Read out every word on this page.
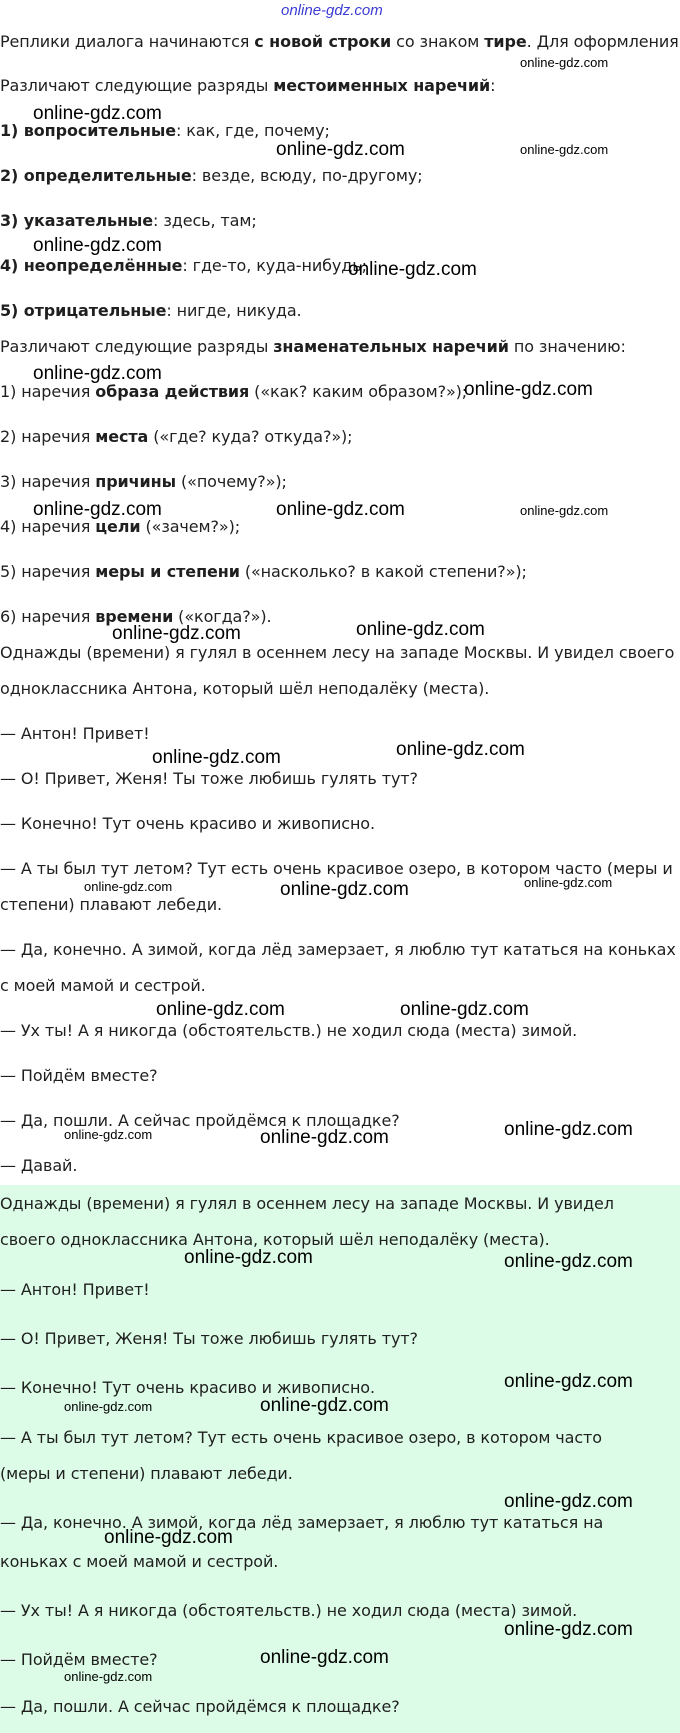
online-gdz.com
Реплики диалога начинаются с новой строки со знаком тире. Для оформления
Различают следующие разряды местоименных наречий:
1) вопросительные: как, где, почему;
2) определительные: везде, всюду, по-другому;
3) указательные: здесь, там;
4) неопределённые: где-то, куда-нибудь;
5) отрицательные: нигде, никуда.
Различают следующие разряды знаменательных наречий по значению:
1) наречия образа действия («как? каким образом?»);
2) наречия места («где? куда? откуда?»);
3) наречия причины («почему?»);
4) наречия цели («зачем?»);
5) наречия меры и степени («насколько? в какой степени?»);
6) наречия времени («когда?»).
Однажды (времени) я гулял в осеннем лесу на западе Москвы. И увидел своего
одноклассника Антона, который шёл неподалёку (места).
— Антон! Привет!
— О! Привет, Женя! Ты тоже любишь гулять тут?
— Конечно! Тут очень красиво и живописно.
— А ты был тут летом? Тут есть очень красивое озеро, в котором часто (меры и
степени) плавают лебеди.
— Да, конечно. А зимой, когда лёд замерзает, я люблю тут кататься на коньках
с моей мамой и сестрой.
— Ух ты! А я никогда (обстоятельств.) не ходил сюда (места) зимой.
— Пойдём вместе?
— Да, пошли. А сейчас пройдёмся к площадке?
— Давай.
Однажды (времени) я гулял в осеннем лесу на западе Москвы. И увидел
своего одноклассника Антона, который шёл неподалёку (места).
— Антон! Привет!
— О! Привет, Женя! Ты тоже любишь гулять тут?
— Конечно! Тут очень красиво и живописно.
— А ты был тут летом? Тут есть очень красивое озеро, в котором часто
(меры и степени) плавают лебеди.
— Да, конечно. А зимой, когда лёд замерзает, я люблю тут кататься на
коньках с моей мамой и сестрой.
— Ух ты! А я никогда (обстоятельств.) не ходил сюда (места) зимой.
— Пойдём вместе?
— Да, пошли. А сейчас пройдёмся к площадке?
online-gdz.com
online-gdz.com
online-gdz.com	online-gdz.com
online-gdz.com
online-gdz.com
online-gdz.com
online-gdz.com
online-gdz.com	online-gdz.com	online-gdz.com
online-gdz.com	online-gdz.com
online-gdz.com	online-gdz.com
online-gdz.com	online-gdz.com	online-gdz.com
online-gdz.com	online-gdz.com
online-gdz.com	online-gdz.com	online-gdz.com
online-gdz.com	online-gdz.com
online-gdz.com
online-gdz.com	online-gdz.com
online-gdz.com
online-gdz.com
online-gdz.com
online-gdz.com
online-gdz.com
